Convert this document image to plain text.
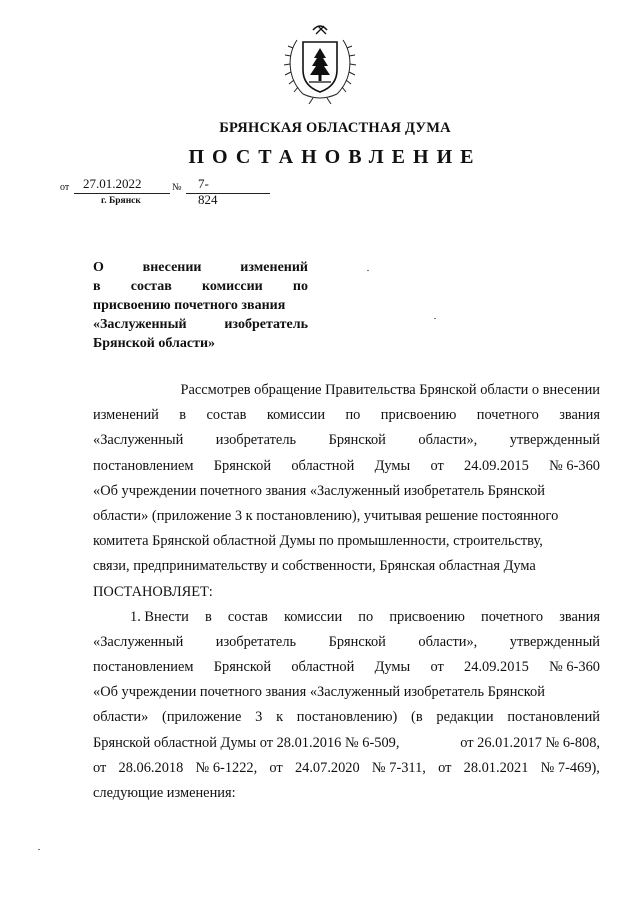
БРЯНСКАЯ ОБЛАСТНАЯ ДУМА
ПОСТАНОВЛЕНИЕ
от 27.01.2022	№ 7-824
г. Брянск
О	внесении	изменений
в состав комиссии по
присвоению почетного звания
«Заслуженный	изобретатель
Брянской области»
Рассмотрев обращение Правительства Брянской области о внесении
изменений в состав комиссии по присвоению почетного звания
«Заслуженный изобретатель Брянской области», утвержденный
постановлением Брянской областной Думы от 24.09.2015 № 6-360
«Об учреждении почетного звания «Заслуженный изобретатель Брянской
области» (приложение 3 к постановлению), учитывая решение постоянного
комитета Брянской областной Думы по промышленности, строительству,
связи, предпринимательству и собственности, Брянская областная Дума
ПОСТАНОВЛЯЕТ:
1. Внести в состав комиссии по присвоению почетного звания
«Заслуженный изобретатель Брянской области», утвержденный
постановлением Брянской областной Думы от 24.09.2015 № 6-360
«Об учреждении почетного звания «Заслуженный изобретатель Брянской
области» (приложение 3 к постановлению) (в редакции постановлений
Брянской областной Думы от 28.01.2016 № 6-509,	от 26.01.2017 № 6-808,
от 28.06.2018 № 6-1222, от 24.07.2020 № 7-311, от 28.01.2021 № 7-469),
следующие изменения:
